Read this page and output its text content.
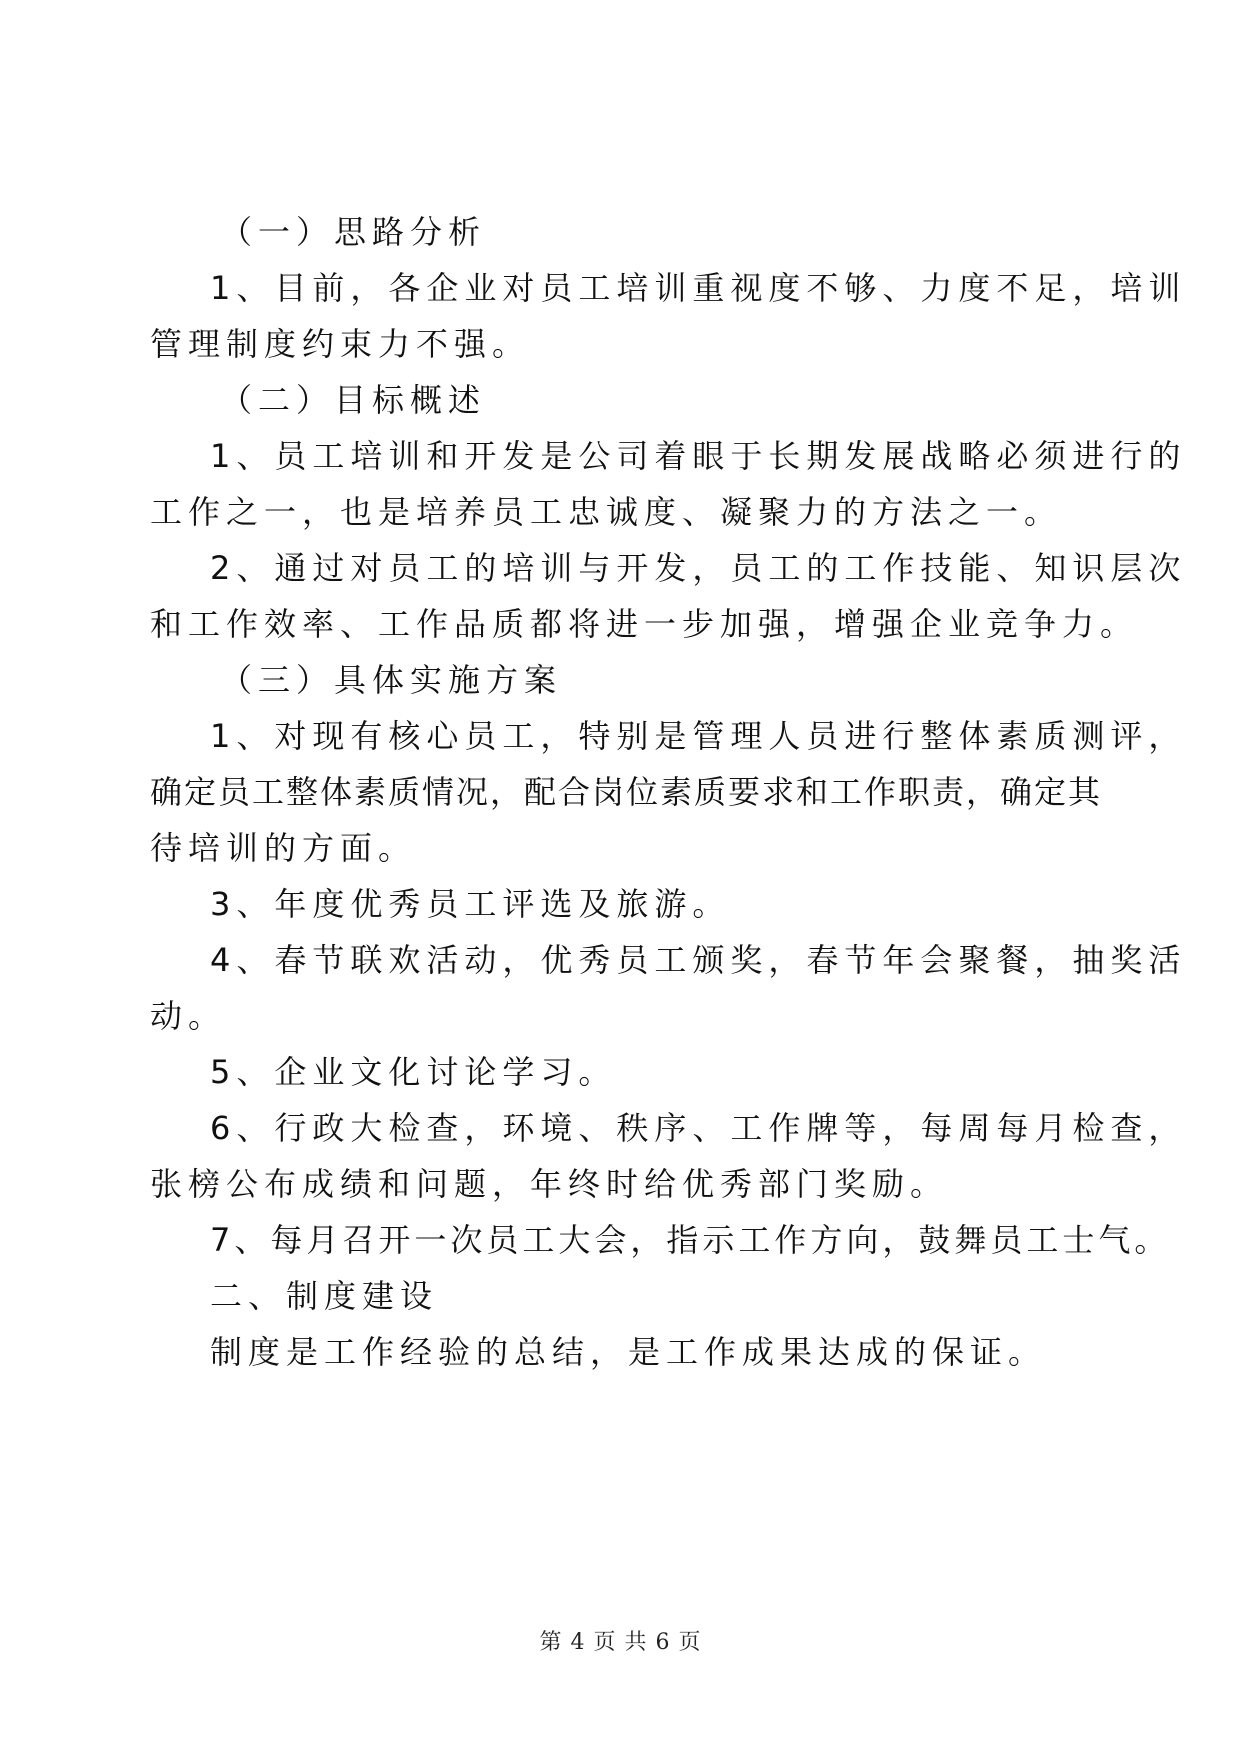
（一）思路分析
1、目前，各企业对员工培训重视度不够、力度不足，培训
管理制度约束力不强。
（二）目标概述
1、员工培训和开发是公司着眼于长期发展战略必须进行的
工作之一，也是培养员工忠诚度、凝聚力的方法之一。
2、通过对员工的培训与开发，员工的工作技能、知识层次
和工作效率、工作品质都将进一步加强，增强企业竞争力。
（三）具体实施方案
1、对现有核心员工，特别是管理人员进行整体素质测评，
确定员工整体素质情况，配合岗位素质要求和工作职责，确定其
待培训的方面。
3、年度优秀员工评选及旅游。
4、春节联欢活动，优秀员工颁奖，春节年会聚餐，抽奖活
动。
5、企业文化讨论学习。
6、行政大检查，环境、秩序、工作牌等，每周每月检查，
张榜公布成绩和问题，年终时给优秀部门奖励。
7、每月召开一次员工大会，指示工作方向，鼓舞员工士气。
二、制度建设
制度是工作经验的总结，是工作成果达成的保证。
第 4 页 共 6 页
